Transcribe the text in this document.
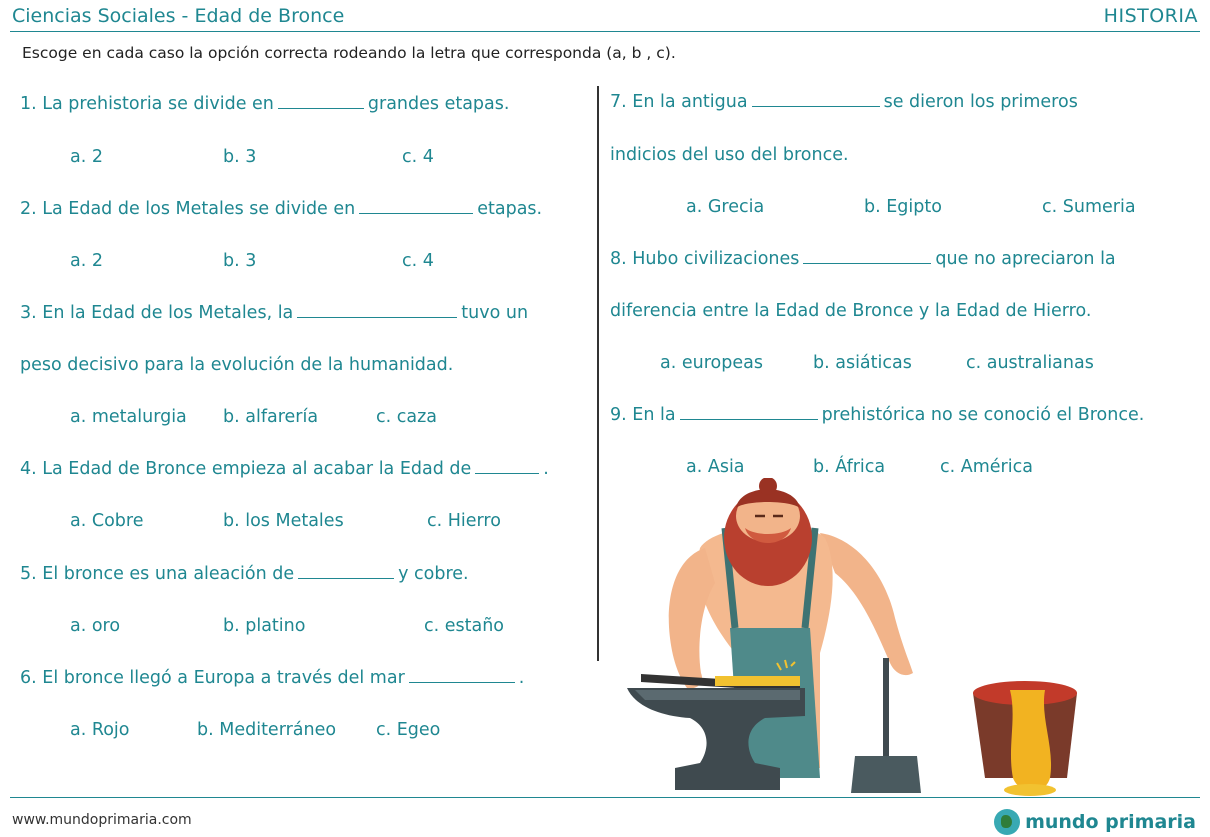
Ciencias Sociales - Edad de Bronce	HISTORIA
Escoge en cada caso la opción correcta rodeando la letra que corresponda (a, b , c).
1. La prehistoria se divide en	grandes etapas.
a. 2	b. 3	c. 4
2. La Edad de los Metales se divide en	etapas.
a. 2	b. 3	c. 4
3. En la Edad de los Metales, la	tuvo un
peso decisivo para la evolución de la humanidad.
a. metalurgia b. alfarería	c. caza
4. La Edad de Bronce empieza al acabar la Edad de	.
a. Cobre	b. los Metales	c. Hierro
5. El bronce es una aleación de	y cobre.
a. oro	b. platino	c. estaño
6. El bronce llegó a Europa a través del mar	.
a. Rojo	b. Mediterráneo c. Egeo
7. En la antigua	se dieron los primeros
indicios del uso del bronce.
a. Grecia	b. Egipto	c. Sumeria
8. Hubo civilizaciones	que no apreciaron la
diferencia entre la Edad de Bronce y la Edad de Hierro.
a. europeas	b. asiáticas	c. australianas
9. En la	prehistórica no se conoció el Bronce.
a. Asia	b. África	c. América
www.mundoprimaria.com	mundo primaria
